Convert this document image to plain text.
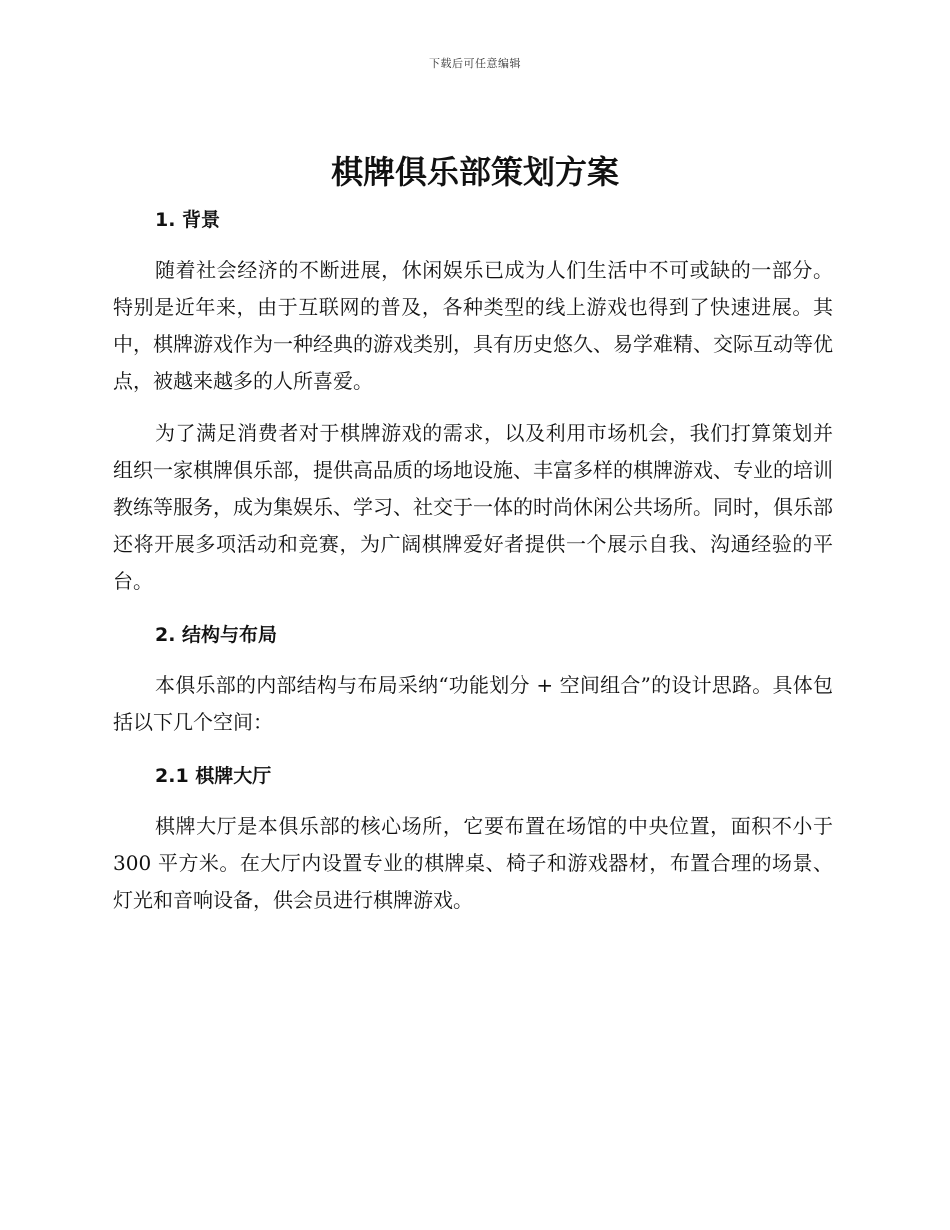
下载后可任意编辑
棋牌俱乐部策划方案
1. 背景

随着社会经济的不断进展，休闲娱乐已成为人们生活中不可或缺的一部分。特别是近年来，由于互联网的普及，各种类型的线上游戏也得到了快速进展。其中，棋牌游戏作为一种经典的游戏类别，具有历史悠久、易学难精、交际互动等优点，被越来越多的人所喜爱。

为了满足消费者对于棋牌游戏的需求，以及利用市场机会，我们打算策划并组织一家棋牌俱乐部，提供高品质的场地设施、丰富多样的棋牌游戏、专业的培训教练等服务，成为集娱乐、学习、社交于一体的时尚休闲公共场所。同时，俱乐部还将开展多项活动和竞赛，为广阔棋牌爱好者提供一个展示自我、沟通经验的平台。

2. 结构与布局

本俱乐部的内部结构与布局采纳“功能划分 + 空间组合”的设计思路。具体包括以下几个空间：

2.1 棋牌大厅

棋牌大厅是本俱乐部的核心场所，它要布置在场馆的中央位置，面积不小于 300 平方米。在大厅内设置专业的棋牌桌、椅子和游戏器材，布置合理的场景、灯光和音响设备，供会员进行棋牌游戏。
